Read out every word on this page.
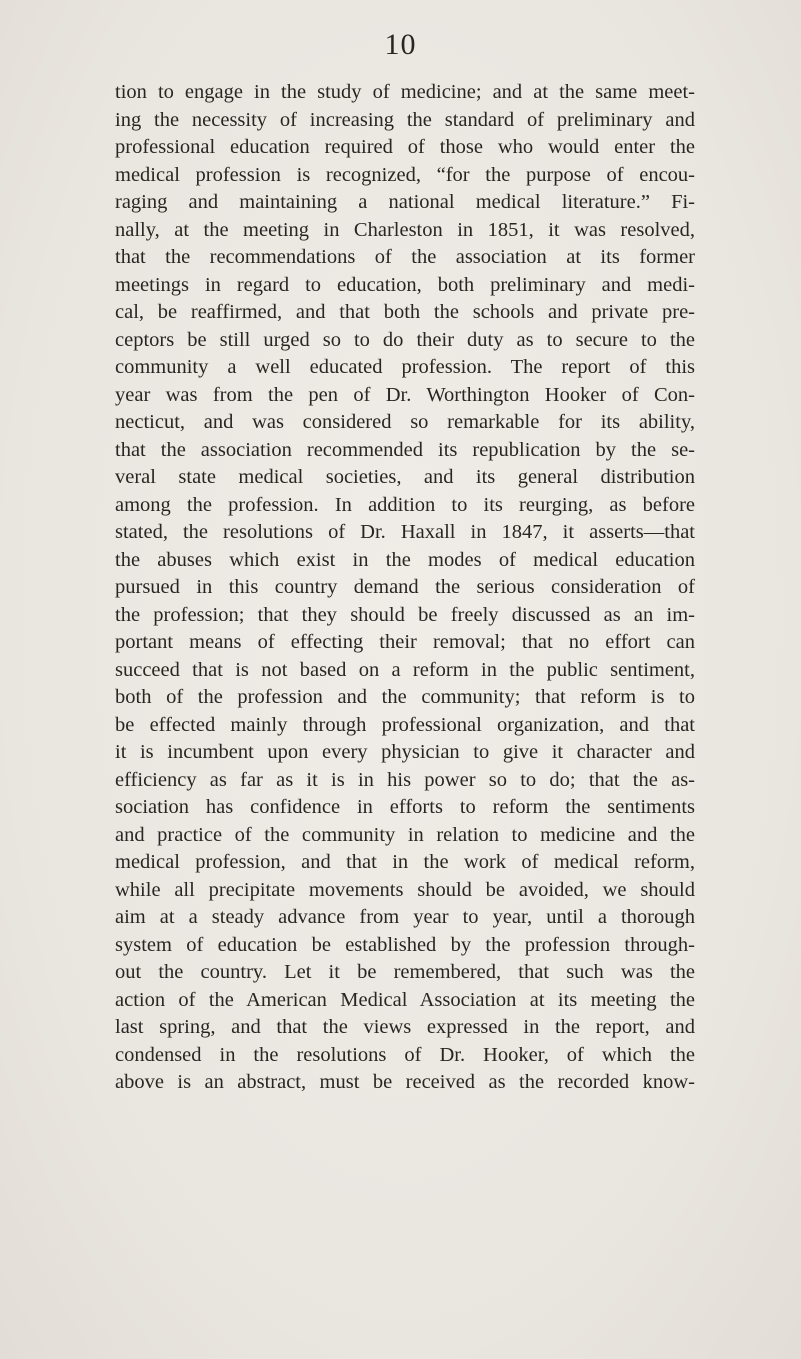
10
tion to engage in the study of medicine; and at the same meet-
ing the necessity of increasing the standard of preliminary and
professional education required of those who would enter the
medical profession is recognized, “for the purpose of encou-
raging and maintaining a national medical literature.” Fi-
nally, at the meeting in Charleston in 1851, it was resolved,
that the recommendations of the association at its former
meetings in regard to education, both preliminary and medi-
cal, be reaffirmed, and that both the schools and private pre-
ceptors be still urged so to do their duty as to secure to the
community a well educated profession. The report of this
year was from the pen of Dr. Worthington Hooker of Con-
necticut, and was considered so remarkable for its ability,
that the association recommended its republication by the se-
veral state medical societies, and its general distribution
among the profession. In addition to its reurging, as before
stated, the resolutions of Dr. Haxall in 1847, it asserts—that
the abuses which exist in the modes of medical education
pursued in this country demand the serious consideration of
the profession; that they should be freely discussed as an im-
portant means of effecting their removal; that no effort can
succeed that is not based on a reform in the public sentiment,
both of the profession and the community; that reform is to
be effected mainly through professional organization, and that
it is incumbent upon every physician to give it character and
efficiency as far as it is in his power so to do; that the as-
sociation has confidence in efforts to reform the sentiments
and practice of the community in relation to medicine and the
medical profession, and that in the work of medical reform,
while all precipitate movements should be avoided, we should
aim at a steady advance from year to year, until a thorough
system of education be established by the profession through-
out the country. Let it be remembered, that such was the
action of the American Medical Association at its meeting the
last spring, and that the views expressed in the report, and
condensed in the resolutions of Dr. Hooker, of which the
above is an abstract, must be received as the recorded know-
